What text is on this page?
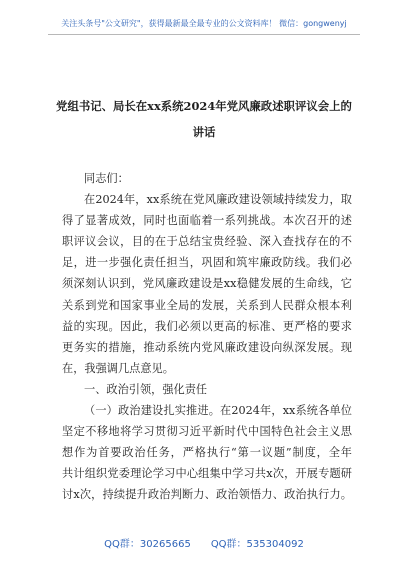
关注头条号"公文研究"，获得最新最全最专业的公文资料库！ 微信：gongwenyj
党组书记、局长在xx系统2024年党风廉政述职评议会上的
讲话
同志们：
在2024年，xx系统在党风廉政建设领域持续发力，取
得了显著成效，同时也面临着一系列挑战。本次召开的述
职评议会议，目的在于总结宝贵经验、深入查找存在的不
足，进一步强化责任担当，巩固和筑牢廉政防线。我们必
须深刻认识到，党风廉政建设是xx稳健发展的生命线，它
关系到党和国家事业全局的发展，关系到人民群众根本利
益的实现。因此，我们必须以更高的标准、更严格的要求
更务实的措施，推动系统内党风廉政建设向纵深发展。现
在，我强调几点意见。
一、政治引领，强化责任
（一）政治建设扎实推进。在2024年，xx系统各单位
坚定不移地将学习贯彻习近平新时代中国特色社会主义思
想作为首要政治任务，严格执行“第一议题”制度，全年
共计组织党委理论学习中心组集中学习共x次，开展专题研
讨x次，持续提升政治判断力、政治领悟力、政治执行力。
QQ群：30265665 QQ群：535304092
